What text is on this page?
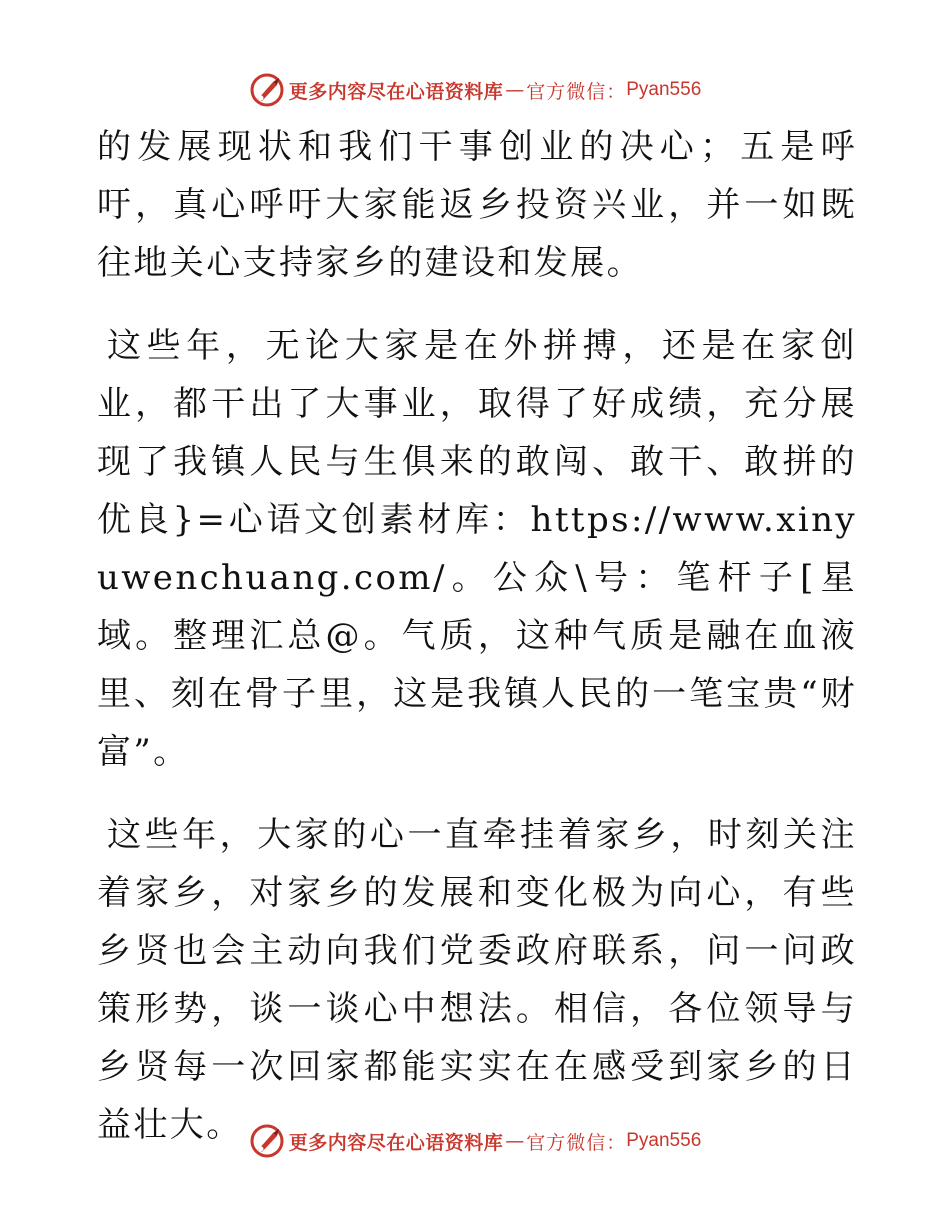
更多内容尽在心语资料库 — 官方微信： Pyan556

的发展现状和我们干事创业的决心；五是呼吁，真心呼吁大家能返乡投资兴业，并一如既往地关心支持家乡的建设和发展。

这些年，无论大家是在外拼搏，还是在家创业，都干出了大事业，取得了好成绩，充分展现了我镇人民与生俱来的敢闯、敢干、敢拼的优良}=心语文创素材库：https://www.xinyuwenchuang.com/。公众\号：笔杆子[星域。整理汇总@。气质，这种气质是融在血液里、刻在骨子里，这是我镇人民的一笔宝贵“财富”。

这些年，大家的心一直牵挂着家乡，时刻关注着家乡，对家乡的发展和变化极为向心，有些乡贤也会主动向我们党委政府联系，问一问政策形势，谈一谈心中想法。相信，各位领导与乡贤每一次回家都能实实在在感受到家乡的日益壮大。	更多内容尽在心语资料库 — 官方微信： Pyan556
